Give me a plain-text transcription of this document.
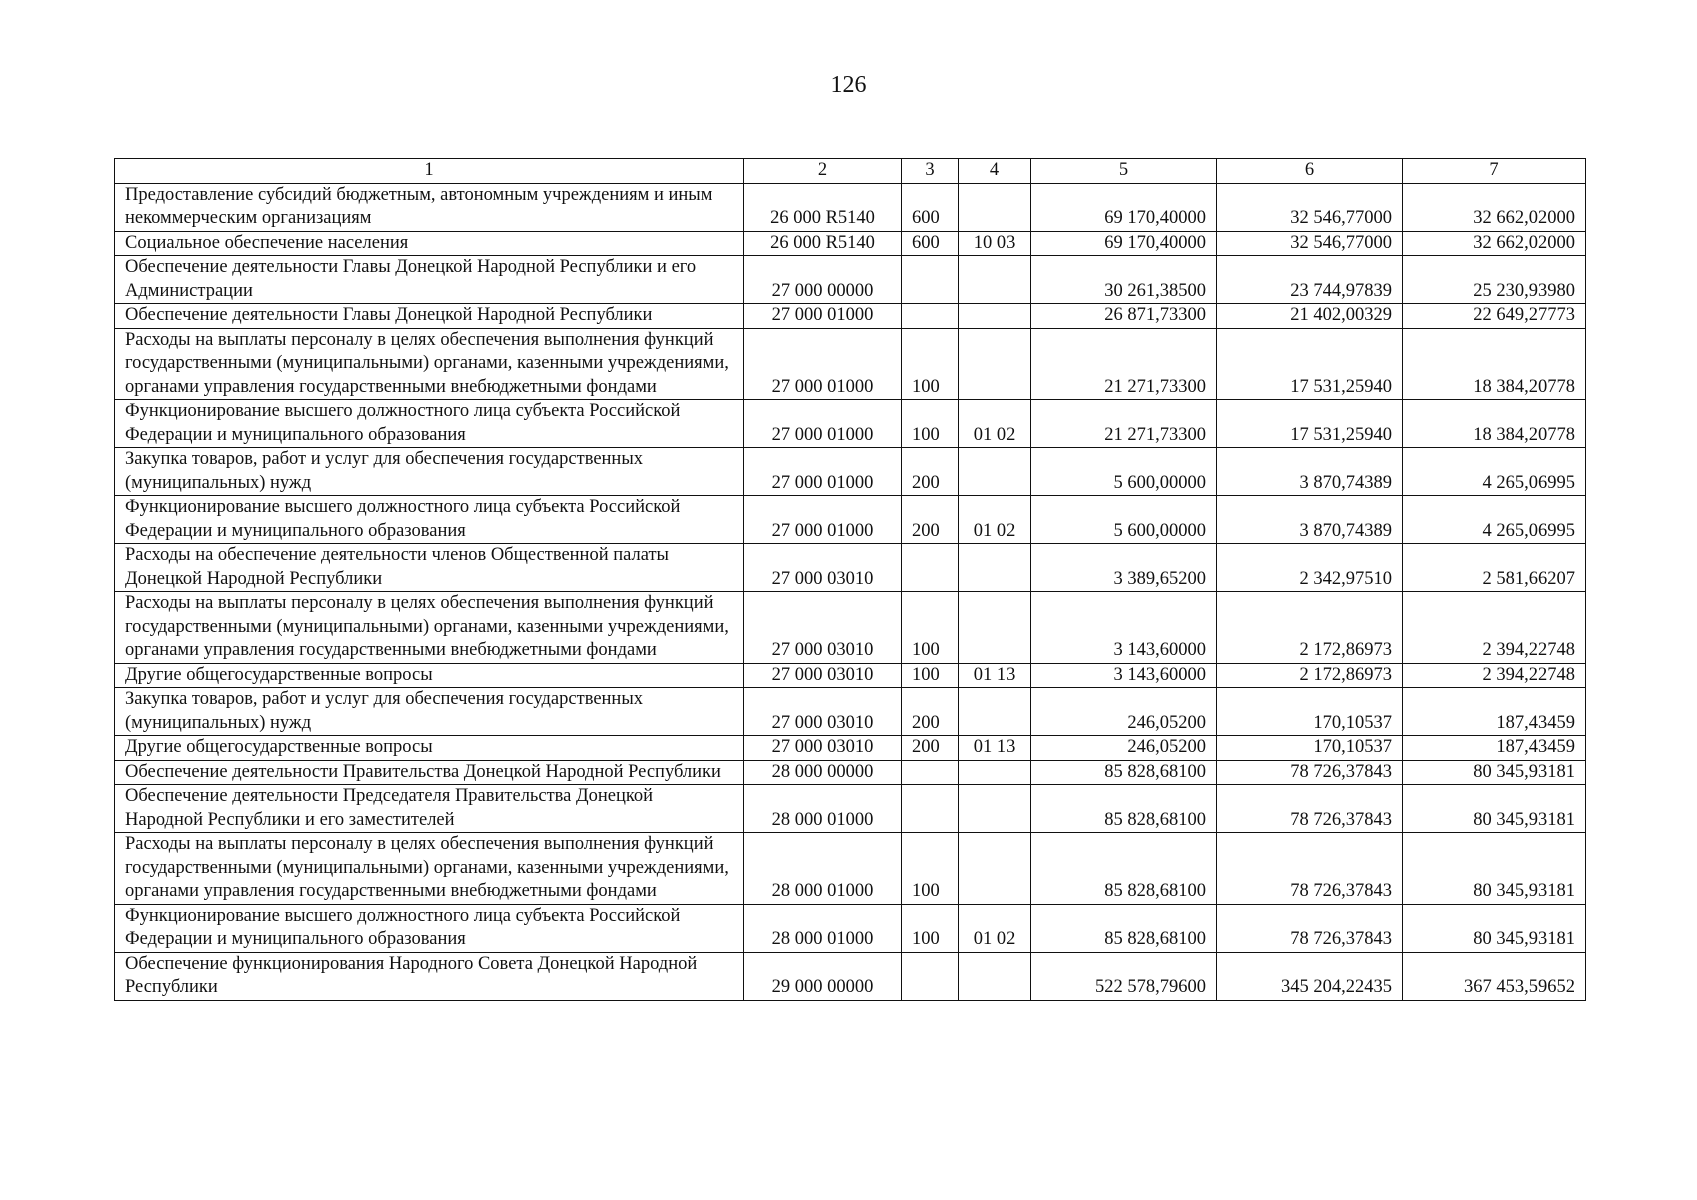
126
1	2	3	4	5	6	7
Предоставление субсидий бюджетным, автономным учреждениям и иным некоммерческим организациям	26 000 R5140	600		69 170,40000	32 546,77000	32 662,02000
Социальное обеспечение населения	26 000 R5140	600	10 03	69 170,40000	32 546,77000	32 662,02000
Обеспечение деятельности Главы Донецкой Народной Республики и его Администрации	27 000 00000			30 261,38500	23 744,97839	25 230,93980
Обеспечение деятельности Главы Донецкой Народной Республики	27 000 01000			26 871,73300	21 402,00329	22 649,27773
Расходы на выплаты персоналу в целях обеспечения выполнения функций государственными (муниципальными) органами, казенными учреждениями, органами управления государственными внебюджетными фондами	27 000 01000	100		21 271,73300	17 531,25940	18 384,20778
Функционирование высшего должностного лица субъекта Российской Федерации и муниципального образования	27 000 01000	100	01 02	21 271,73300	17 531,25940	18 384,20778
Закупка товаров, работ и услуг для обеспечения государственных (муниципальных) нужд	27 000 01000	200		5 600,00000	3 870,74389	4 265,06995
Функционирование высшего должностного лица субъекта Российской Федерации и муниципального образования	27 000 01000	200	01 02	5 600,00000	3 870,74389	4 265,06995
Расходы на обеспечение деятельности членов Общественной палаты Донецкой Народной Республики	27 000 03010			3 389,65200	2 342,97510	2 581,66207
Расходы на выплаты персоналу в целях обеспечения выполнения функций государственными (муниципальными) органами, казенными учреждениями, органами управления государственными внебюджетными фондами	27 000 03010	100		3 143,60000	2 172,86973	2 394,22748
Другие общегосударственные вопросы	27 000 03010	100	01 13	3 143,60000	2 172,86973	2 394,22748
Закупка товаров, работ и услуг для обеспечения государственных (муниципальных) нужд	27 000 03010	200		246,05200	170,10537	187,43459
Другие общегосударственные вопросы	27 000 03010	200	01 13	246,05200	170,10537	187,43459
Обеспечение деятельности Правительства Донецкой Народной Республики	28 000 00000			85 828,68100	78 726,37843	80 345,93181
Обеспечение деятельности Председателя Правительства Донецкой Народной Республики и его заместителей	28 000 01000			85 828,68100	78 726,37843	80 345,93181
Расходы на выплаты персоналу в целях обеспечения выполнения функций государственными (муниципальными) органами, казенными учреждениями, органами управления государственными внебюджетными фондами	28 000 01000	100		85 828,68100	78 726,37843	80 345,93181
Функционирование высшего должностного лица субъекта Российской Федерации и муниципального образования	28 000 01000	100	01 02	85 828,68100	78 726,37843	80 345,93181
Обеспечение функционирования Народного Совета Донецкой Народной Республики	29 000 00000			522 578,79600	345 204,22435	367 453,59652
